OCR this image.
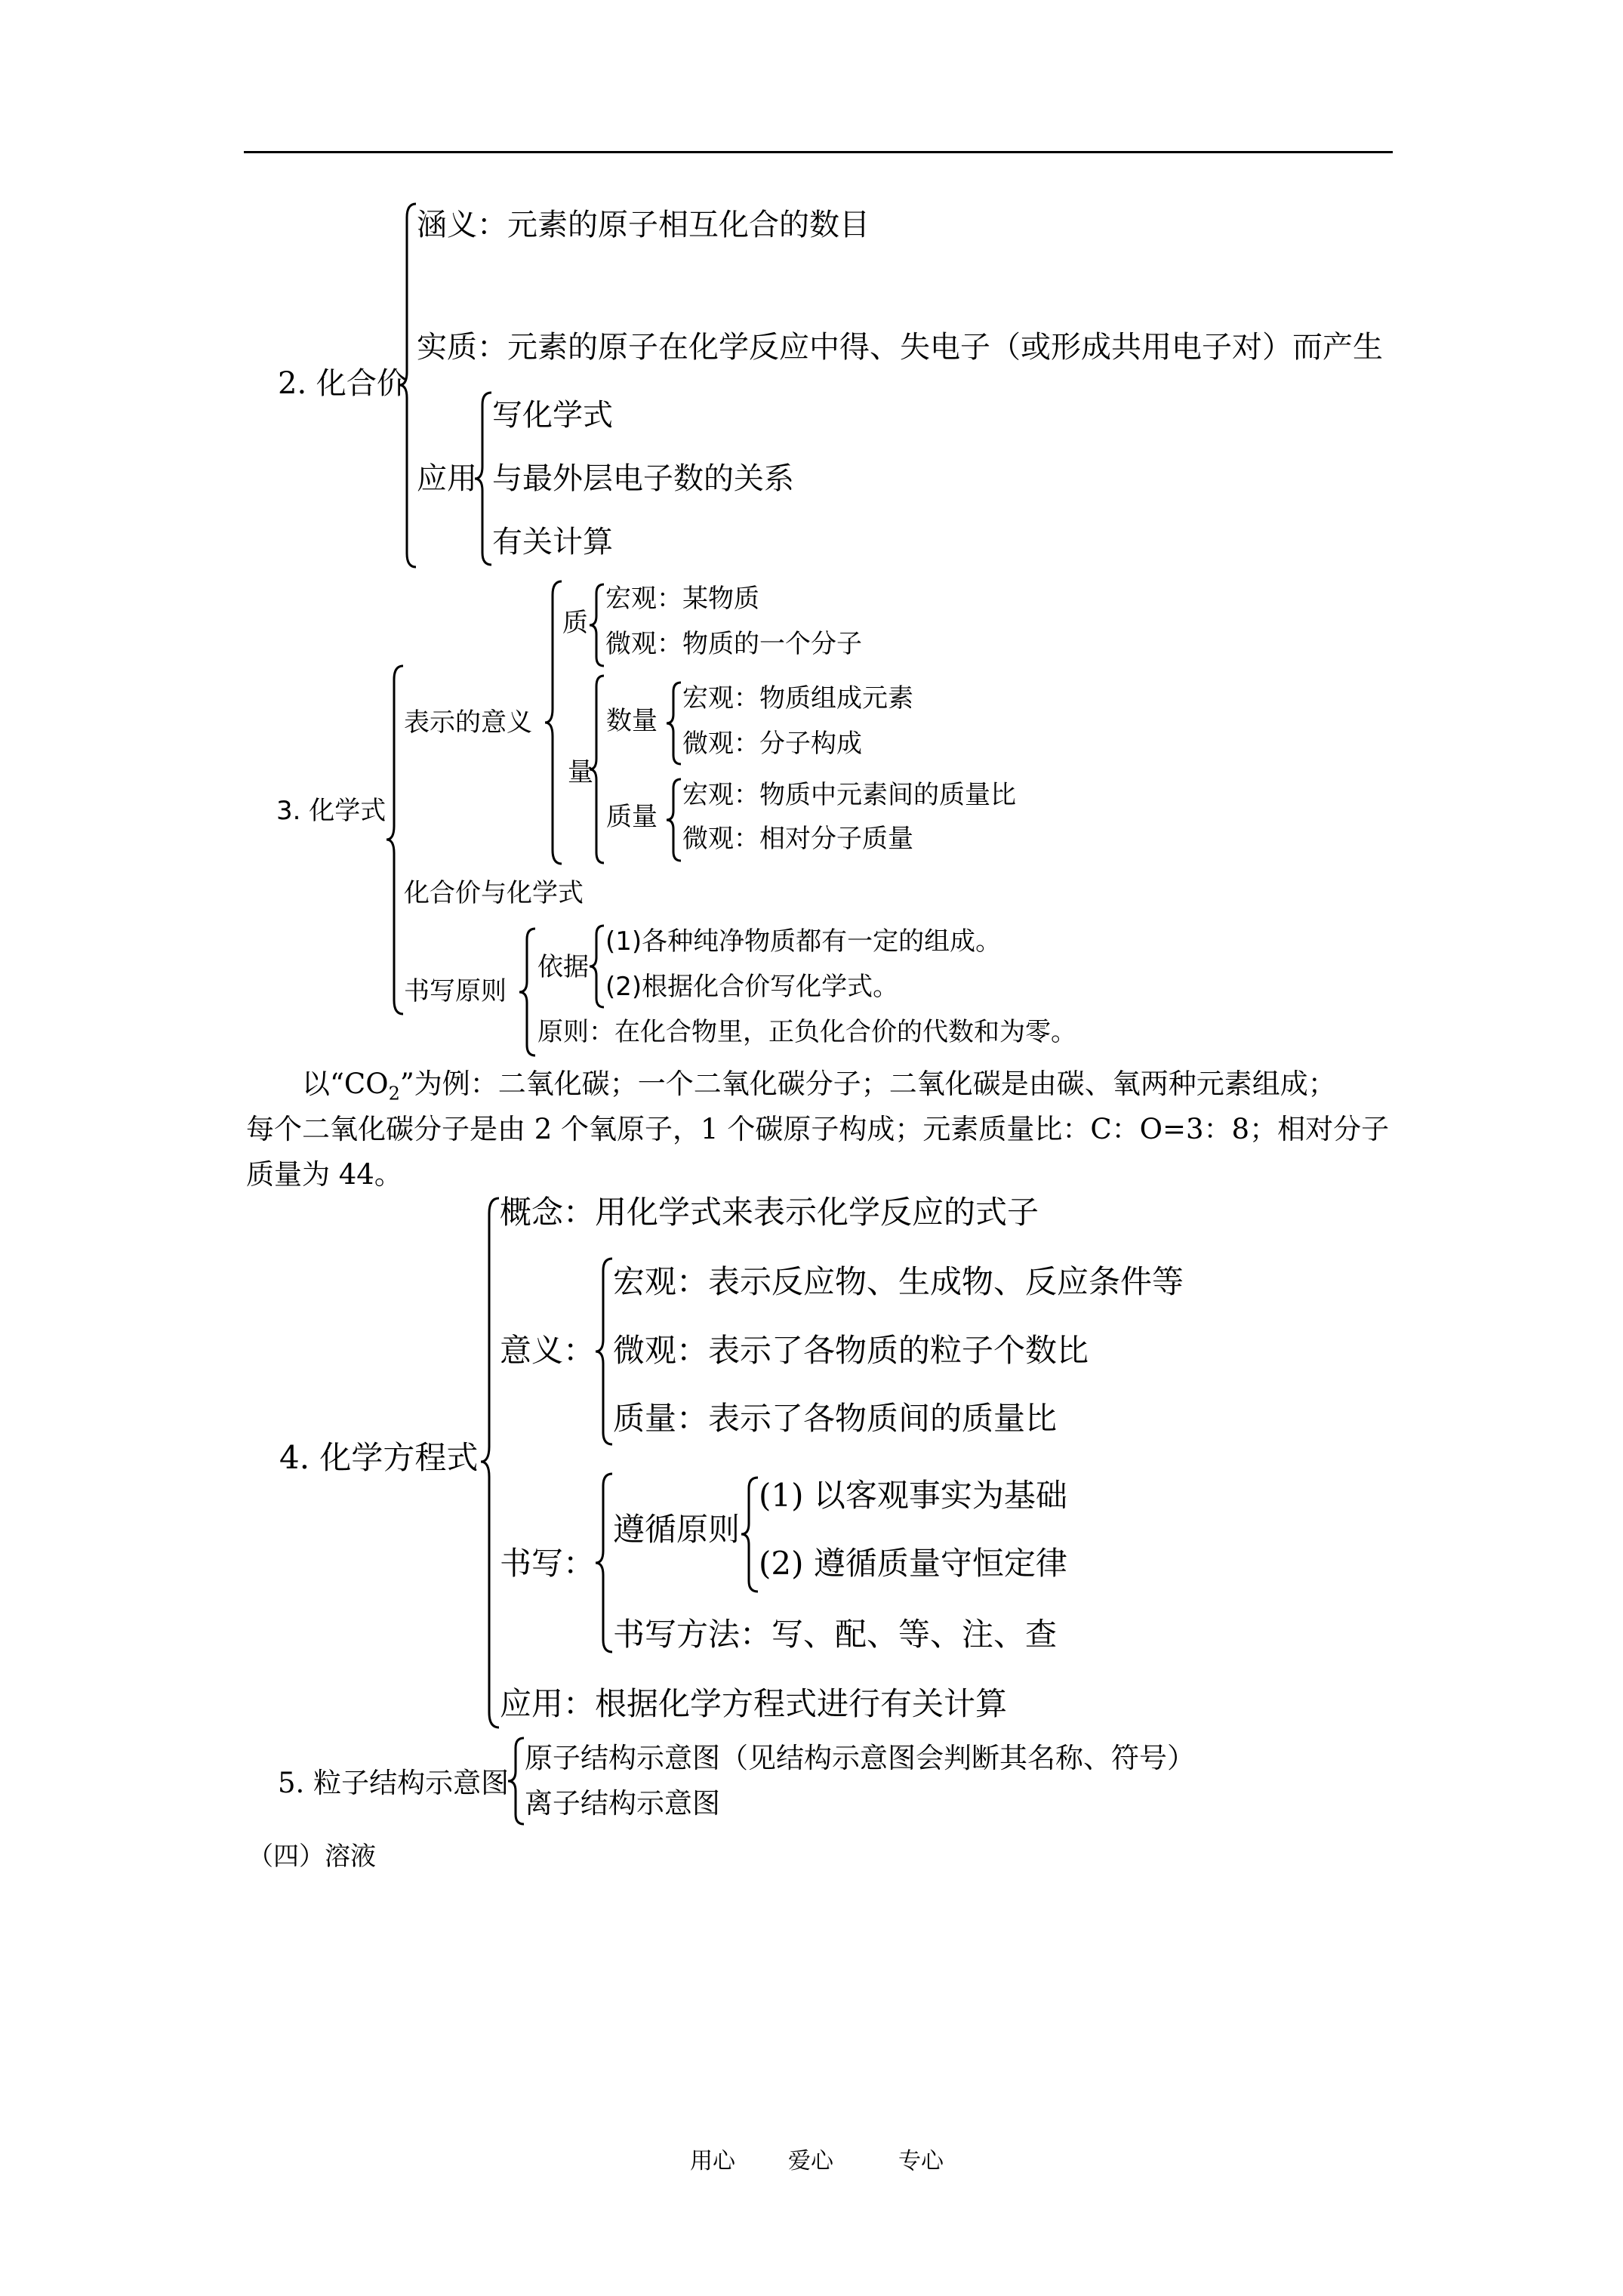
2. 化合价
涵义：元素的原子相互化合的数目
实质：元素的原子在化学反应中得、失电子（或形成共用电子对）而产生
应用
写化学式
与最外层电子数的关系
有关计算
3. 化学式
表示的意义
质
宏观：某物质
微观：物质的一个分子
量
数量
宏观：物质组成元素
微观：分子构成
质量
宏观：物质中元素间的质量比
微观：相对分子质量
化合价与化学式
书写原则
依据
(1)各种纯净物质都有一定的组成。
(2)根据化合价写化学式。
原则：在化合物里，正负化合价的代数和为零。
以“$CO_2$”为例：二氧化碳；一个二氧化碳分子；二氧化碳是由碳、氧两种元素组成；
每个二氧化碳分子是由 2 个氧原子，1 个碳原子构成；元素质量比：C：O=3：8；相对分子
质量为 44。
4. 化学方程式
概念：用化学式来表示化学反应的式子
意义：
宏观：表示反应物、生成物、反应条件等
微观：表示了各物质的粒子个数比
质量：表示了各物质间的质量比
书写：
遵循原则
(1) 以客观事实为基础
(2) 遵循质量守恒定律
书写方法：写、配、等、注、查
应用：根据化学方程式进行有关计算
5. 粒子结构示意图
原子结构示意图（见结构示意图会判断其名称、符号）
离子结构示意图
（四）溶液
用心 爱心	专心
